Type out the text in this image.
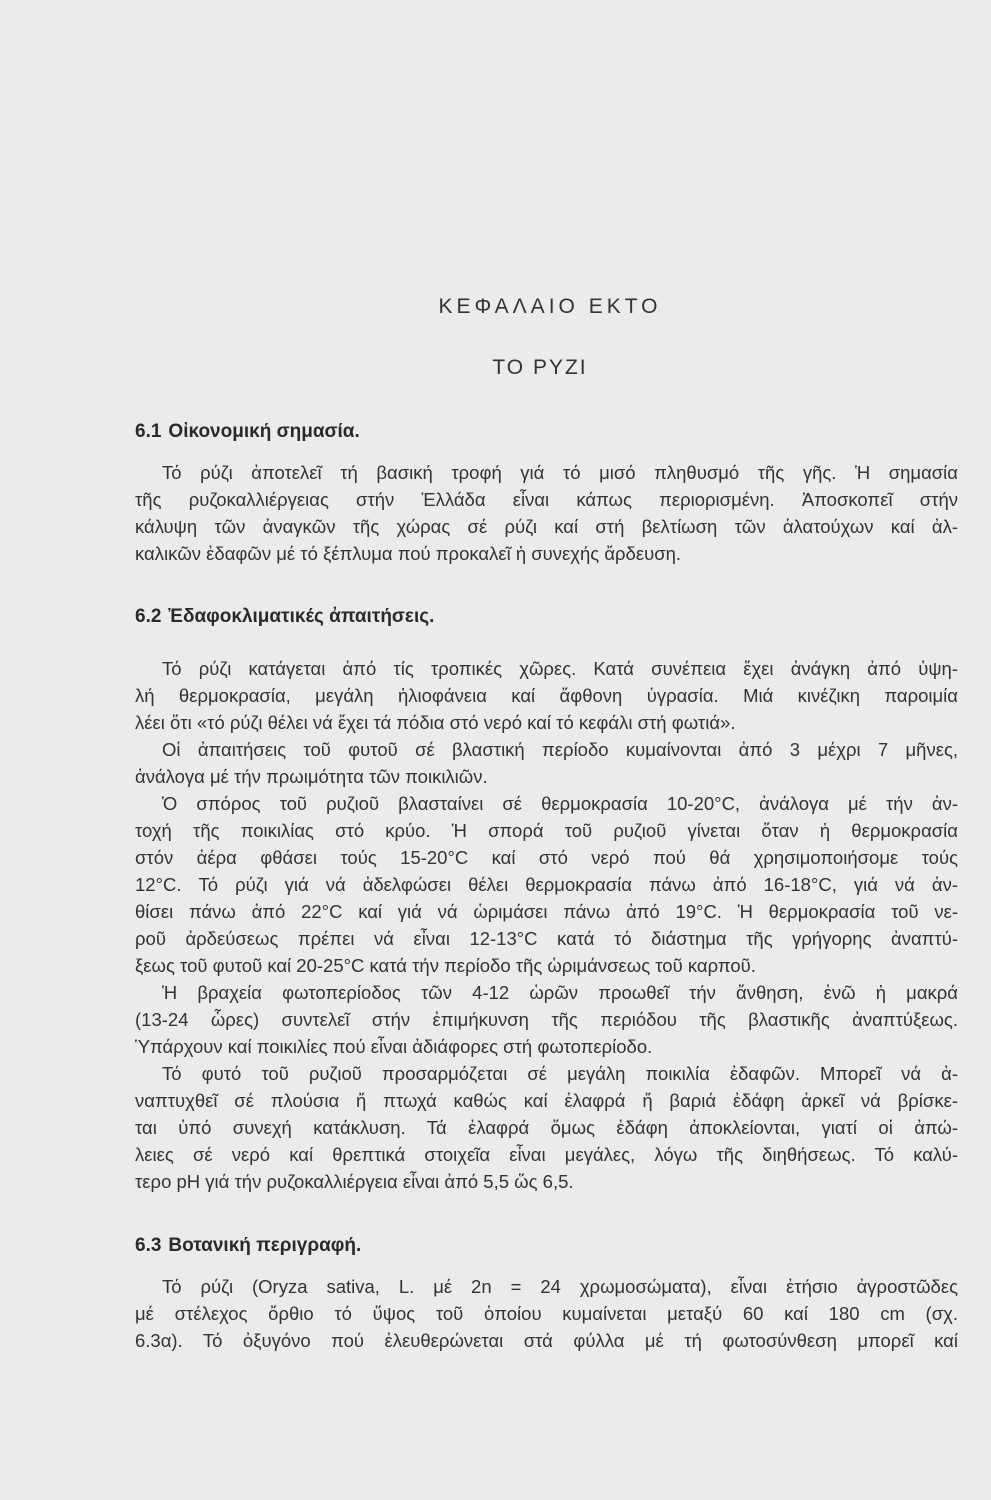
ΚΕΦΑΛΑΙΟ ΕΚΤΟ
ΤΟ ΡΥΖΙ
6.1 Οἰκονομική σημασία.
Τό ρύζι ἀποτελεῖ τή βασική τροφή γιά τό μισό πληθυσμό τῆς γῆς. Ἡ σημασία
τῆς ρυζοκαλλιέργειας στήν Ἑλλάδα εἶναι κάπως περιορισμένη. Ἀποσκοπεῖ στήν
κάλυψη τῶν ἀναγκῶν τῆς χώρας σέ ρύζι καί στή βελτίωση τῶν ἁλατούχων καί ἀλ-
καλικῶν ἐδαφῶν μέ τό ξέπλυμα πού προκαλεῖ ἡ συνεχής ἄρδευση.
6.2 Ἐδαφοκλιματικές ἀπαιτήσεις.
Τό ρύζι κατάγεται ἀπό τίς τροπικές χῶρες. Κατά συνέπεια ἔχει ἀνάγκη ἀπό ὑψη-
λή θερμοκρασία, μεγάλη ἡλιοφάνεια καί ἄφθονη ὑγρασία. Μιά κινέζικη παροιμία
λέει ὅτι «τό ρύζι θέλει νά ἔχει τά πόδια στό νερό καί τό κεφάλι στή φωτιά».
Οἱ ἀπαιτήσεις τοῦ φυτοῦ σέ βλαστική περίοδο κυμαίνονται ἀπό 3 μέχρι 7 μῆνες,
ἀνάλογα μέ τήν πρωιμότητα τῶν ποικιλιῶν.
Ὁ σπόρος τοῦ ρυζιοῦ βλασταίνει σέ θερμοκρασία 10-20°C, ἀνάλογα μέ τήν ἀν-
τοχή τῆς ποικιλίας στό κρύο. Ἡ σπορά τοῦ ρυζιοῦ γίνεται ὅταν ἡ θερμοκρασία
στόν ἀέρα φθάσει τούς 15-20°C καί στό νερό πού θά χρησιμοποιήσομε τούς
12°C. Τό ρύζι γιά νά ἀδελφώσει θέλει θερμοκρασία πάνω ἀπό 16-18°C, γιά νά ἀν-
θίσει πάνω ἀπό 22°C καί γιά νά ὡριμάσει πάνω ἀπό 19°C. Ἡ θερμοκρασία τοῦ νε-
ροῦ ἀρδεύσεως πρέπει νά εἶναι 12-13°C κατά τό διάστημα τῆς γρήγορης ἀναπτύ-
ξεως τοῦ φυτοῦ καί 20-25°C κατά τήν περίοδο τῆς ὡριμάνσεως τοῦ καρποῦ.
Ἡ βραχεία φωτοπερίοδος τῶν 4-12 ὡρῶν προωθεῖ τήν ἄνθηση, ἐνῶ ἡ μακρά
(13-24 ὧρες) συντελεῖ στήν ἐπιμήκυνση τῆς περιόδου τῆς βλαστικῆς ἀναπτύξεως.
Ὑπάρχουν καί ποικιλίες πού εἶναι ἀδιάφορες στή φωτοπερίοδο.
Τό φυτό τοῦ ρυζιοῦ προσαρμόζεται σέ μεγάλη ποικιλία ἐδαφῶν. Μπορεῖ νά ἀ-
ναπτυχθεῖ σέ πλούσια ἤ πτωχά καθώς καί ἐλαφρά ἤ βαριά ἐδάφη ἀρκεῖ νά βρίσκε-
ται ὑπό συνεχή κατάκλυση. Τά ἐλαφρά ὅμως ἐδάφη ἀποκλείονται, γιατί οἱ ἀπώ-
λειες σέ νερό καί θρεπτικά στοιχεῖα εἶναι μεγάλες, λόγω τῆς διηθήσεως. Τό καλύ-
τερο pH γιά τήν ρυζοκαλλιέργεια εἶναι ἀπό 5,5 ὥς 6,5.
6.3 Βοτανική περιγραφή.
Τό ρύζι (Oryza sativa, L. μέ 2n = 24 χρωμοσώματα), εἶναι ἐτήσιο ἀγροστῶδες
μέ στέλεχος ὄρθιο τό ὕψος τοῦ ὁποίου κυμαίνεται μεταξύ 60 καί 180 cm (σχ.
6.3α). Τό ὀξυγόνο πού ἐλευθερώνεται στά φύλλα μέ τή φωτοσύνθεση μπορεῖ καί
